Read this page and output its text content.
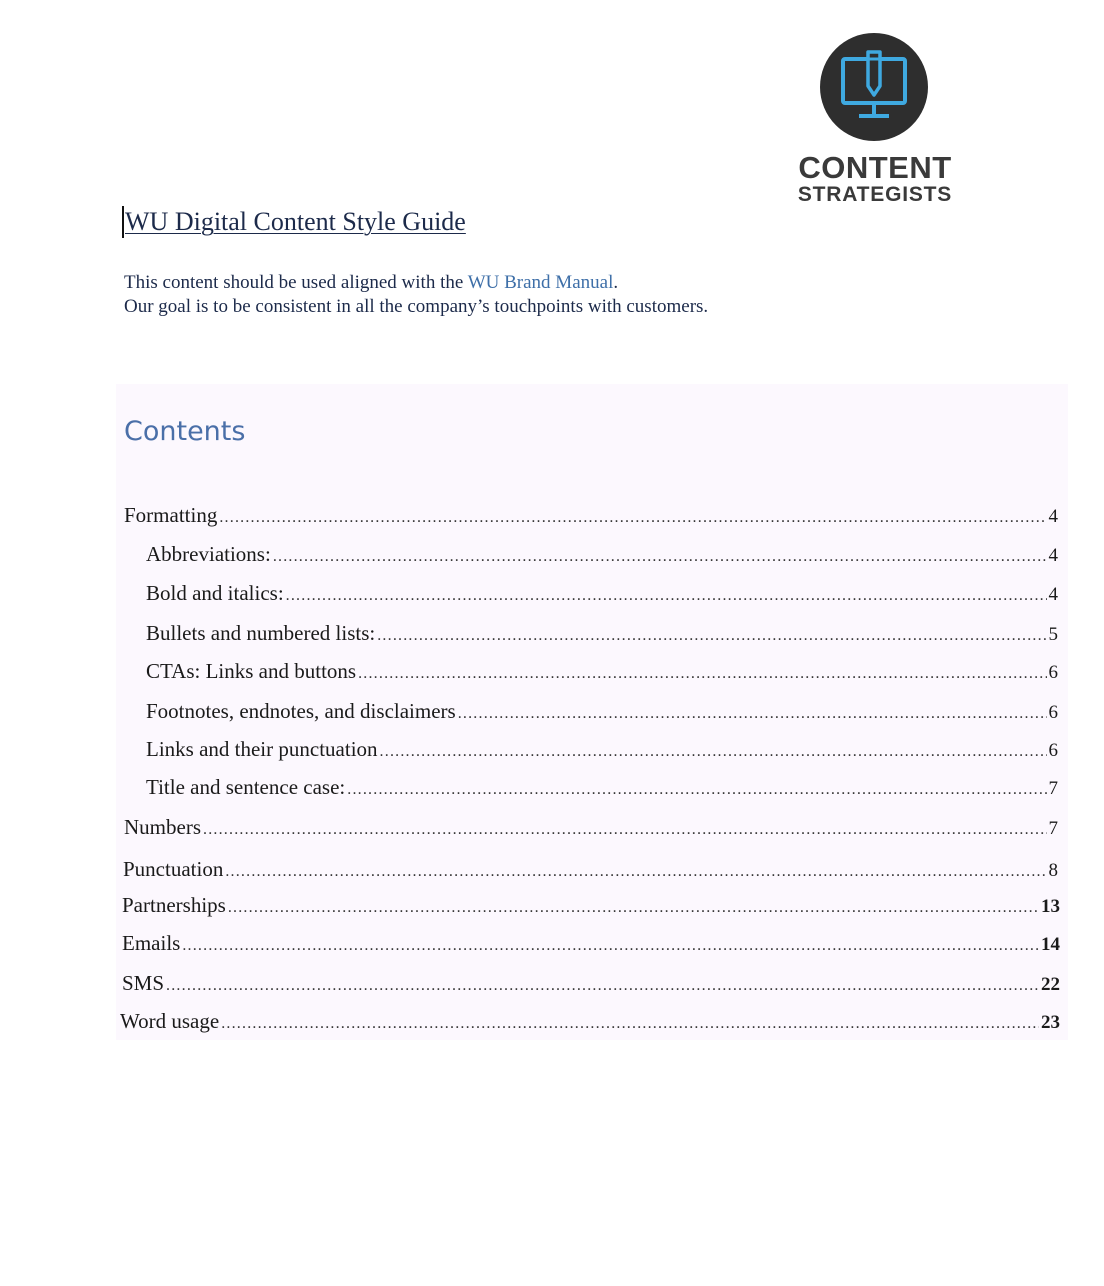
CONTENT
STRATEGISTS
WU Digital Content Style Guide
This content should be used aligned with the WU Brand Manual.
Our goal is to be consistent in all the company’s touchpoints with customers.
Contents
Formatting .....	4
Abbreviations: .....	4
Bold and italics: .....	4
Bullets and numbered lists: .....	5
CTAs: Links and buttons .....	6
Footnotes, endnotes, and disclaimers .....	6
Links and their punctuation .....	6
Title and sentence case: .....	7
Numbers .....	7
Punctuation .....	8
Partnerships .....	13
Emails .....	14
SMS .....	22
Word usage .....	23
